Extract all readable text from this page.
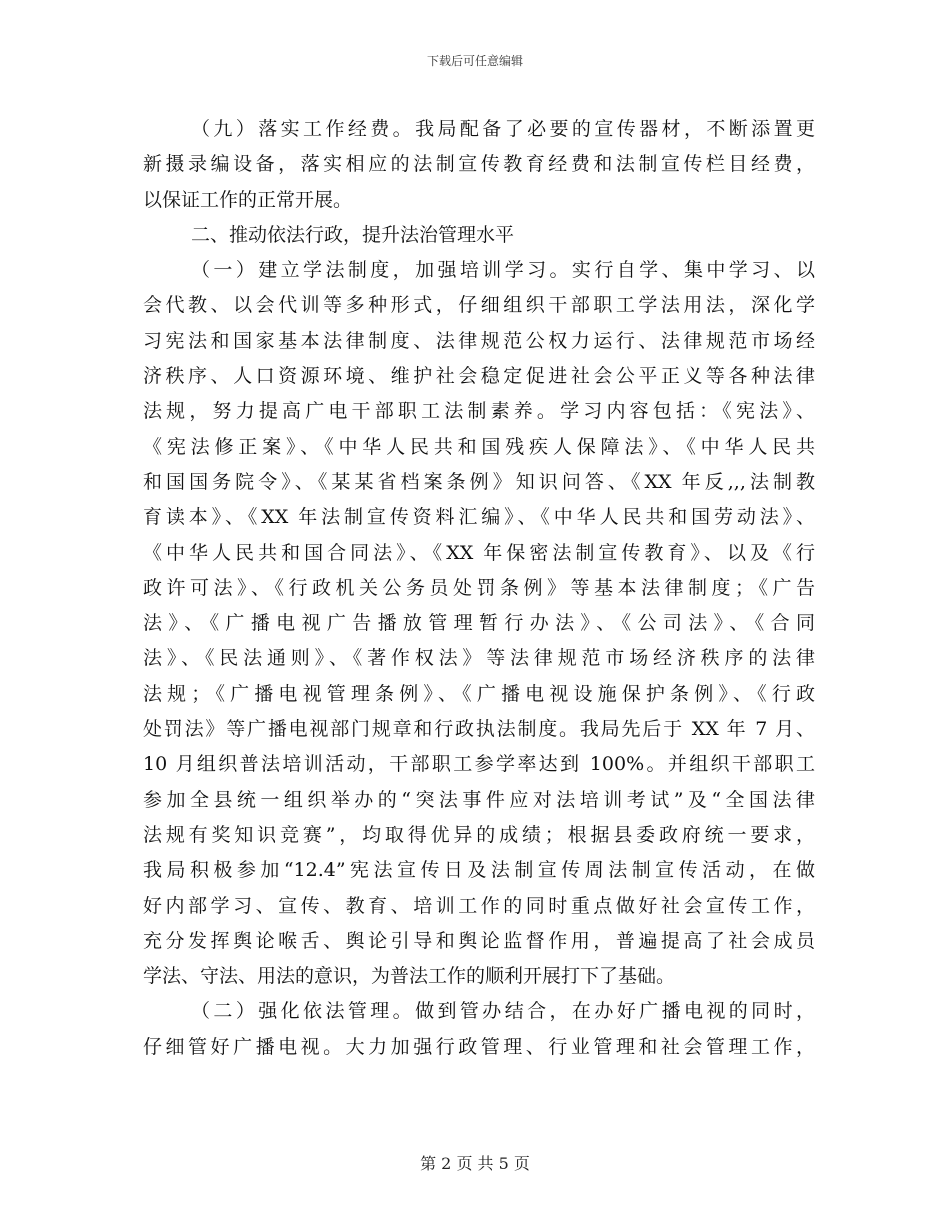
下载后可任意编辑
（九）落实工作经费。我局配备了必要的宣传器材，不断添置更
新摄录编设备，落实相应的法制宣传教育经费和法制宣传栏目经费，
以保证工作的正常开展。
二、推动依法行政，提升法治管理水平
（一）建立学法制度，加强培训学习。实行自学、集中学习、以
会代教、以会代训等多种形式，仔细组织干部职工学法用法，深化学
习宪法和国家基本法律制度、法律规范公权力运行、法律规范市场经
济秩序、人口资源环境、维护社会稳定促进社会公平正义等各种法律
法规，努力提高广电干部职工法制素养。学习内容包括：《宪法》、
《宪法修正案》、《中华人民共和国残疾人保障法》、《中华人民共
和国国务院令》、《某某省档案条例》知识问答、《XX 年反,,,法制教
育读本》、《XX 年法制宣传资料汇编》、《中华人民共和国劳动法》、
《中华人民共和国合同法》、《XX 年保密法制宣传教育》、以及《行
政许可法》、《行政机关公务员处罚条例》等基本法律制度；《广告
法》、《广播电视广告播放管理暂行办法》、《公司法》、《合同
法》、《民法通则》、《著作权法》等法律规范市场经济秩序的法律
法规；《广播电视管理条例》、《广播电视设施保护条例》、《行政
处罚法》等广播电视部门规章和行政执法制度。我局先后于 XX 年 7 月、
10 月组织普法培训活动，干部职工参学率达到 100%。并组织干部职工
参加全县统一组织举办的“突法事件应对法培训考试”及“全国法律
法规有奖知识竞赛”，均取得优异的成绩；根据县委政府统一要求，
我局积极参加“12.4”宪法宣传日及法制宣传周法制宣传活动，在做
好内部学习、宣传、教育、培训工作的同时重点做好社会宣传工作，
充分发挥舆论喉舌、舆论引导和舆论监督作用，普遍提高了社会成员
学法、守法、用法的意识，为普法工作的顺利开展打下了基础。
（二）强化依法管理。做到管办结合，在办好广播电视的同时，
仔细管好广播电视。大力加强行政管理、行业管理和社会管理工作，
第 2 页 共 5 页
